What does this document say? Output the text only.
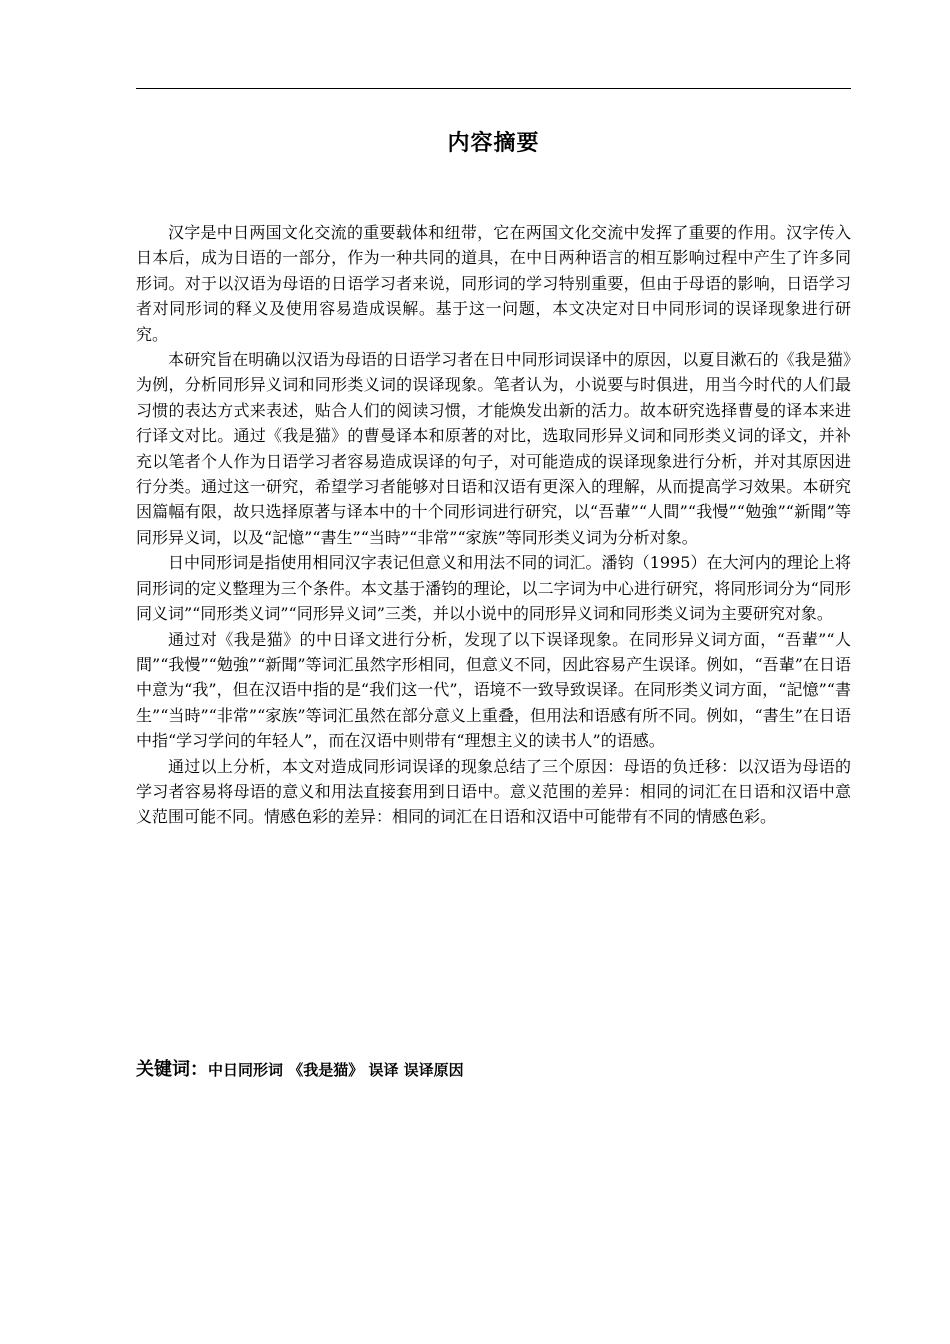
内容摘要

汉字是中日两国文化交流的重要载体和纽带，它在两国文化交流中发挥了重要的作用。汉字传入日本后，成为日语的一部分，作为一种共同的道具，在中日两种语言的相互影响过程中产生了许多同形词。对于以汉语为母语的日语学习者来说，同形词的学习特别重要，但由于母语的影响，日语学习者对同形词的释义及使用容易造成误解。基于这一问题，本文决定对日中同形词的误译现象进行研究。

本研究旨在明确以汉语为母语的日语学习者在日中同形词误译中的原因，以夏目漱石的《我是猫》为例，分析同形异义词和同形类义词的误译现象。笔者认为，小说要与时俱进，用当今时代的人们最习惯的表达方式来表述，贴合人们的阅读习惯，才能焕发出新的活力。故本研究选择曹曼的译本来进行译文对比。通过《我是猫》的曹曼译本和原著的对比，选取同形异义词和同形类义词的译文，并补充以笔者个人作为日语学习者容易造成误译的句子，对可能造成的误译现象进行分析，并对其原因进行分类。通过这一研究，希望学习者能够对日语和汉语有更深入的理解，从而提高学习效果。本研究因篇幅有限，故只选择原著与译本中的十个同形词进行研究，以“吾輩”“人間”“我慢”“勉強”“新聞”等同形异义词，以及“記憶”“書生”“当時”“非常”“家族”等同形类义词为分析对象。

日中同形词是指使用相同汉字表记但意义和用法不同的词汇。潘钧（1995）在大河内的理论上将同形词的定义整理为三个条件。本文基于潘钧的理论，以二字词为中心进行研究，将同形词分为“同形同义词”“同形类义词”“同形异义词”三类，并以小说中的同形异义词和同形类义词为主要研究对象。

通过对《我是猫》的中日译文进行分析，发现了以下误译现象。在同形异义词方面，“吾輩”“人間”“我慢”“勉強”“新聞”等词汇虽然字形相同，但意义不同，因此容易产生误译。例如，“吾輩”在日语中意为“我”，但在汉语中指的是“我们这一代”，语境不一致导致误译。在同形类义词方面，“記憶”“書生”“当時”“非常”“家族”等词汇虽然在部分意义上重叠，但用法和语感有所不同。例如，“書生”在日语中指“学习学问的年轻人”，而在汉语中则带有“理想主义的读书人”的语感。

通过以上分析，本文对造成同形词误译的现象总结了三个原因：母语的负迁移：以汉语为母语的学习者容易将母语的意义和用法直接套用到日语中。意义范围的差异：相同的词汇在日语和汉语中意义范围可能不同。情感色彩的差异：相同的词汇在日语和汉语中可能带有不同的情感色彩。

关键词：中日同形词 《我是猫》 误译 误译原因
